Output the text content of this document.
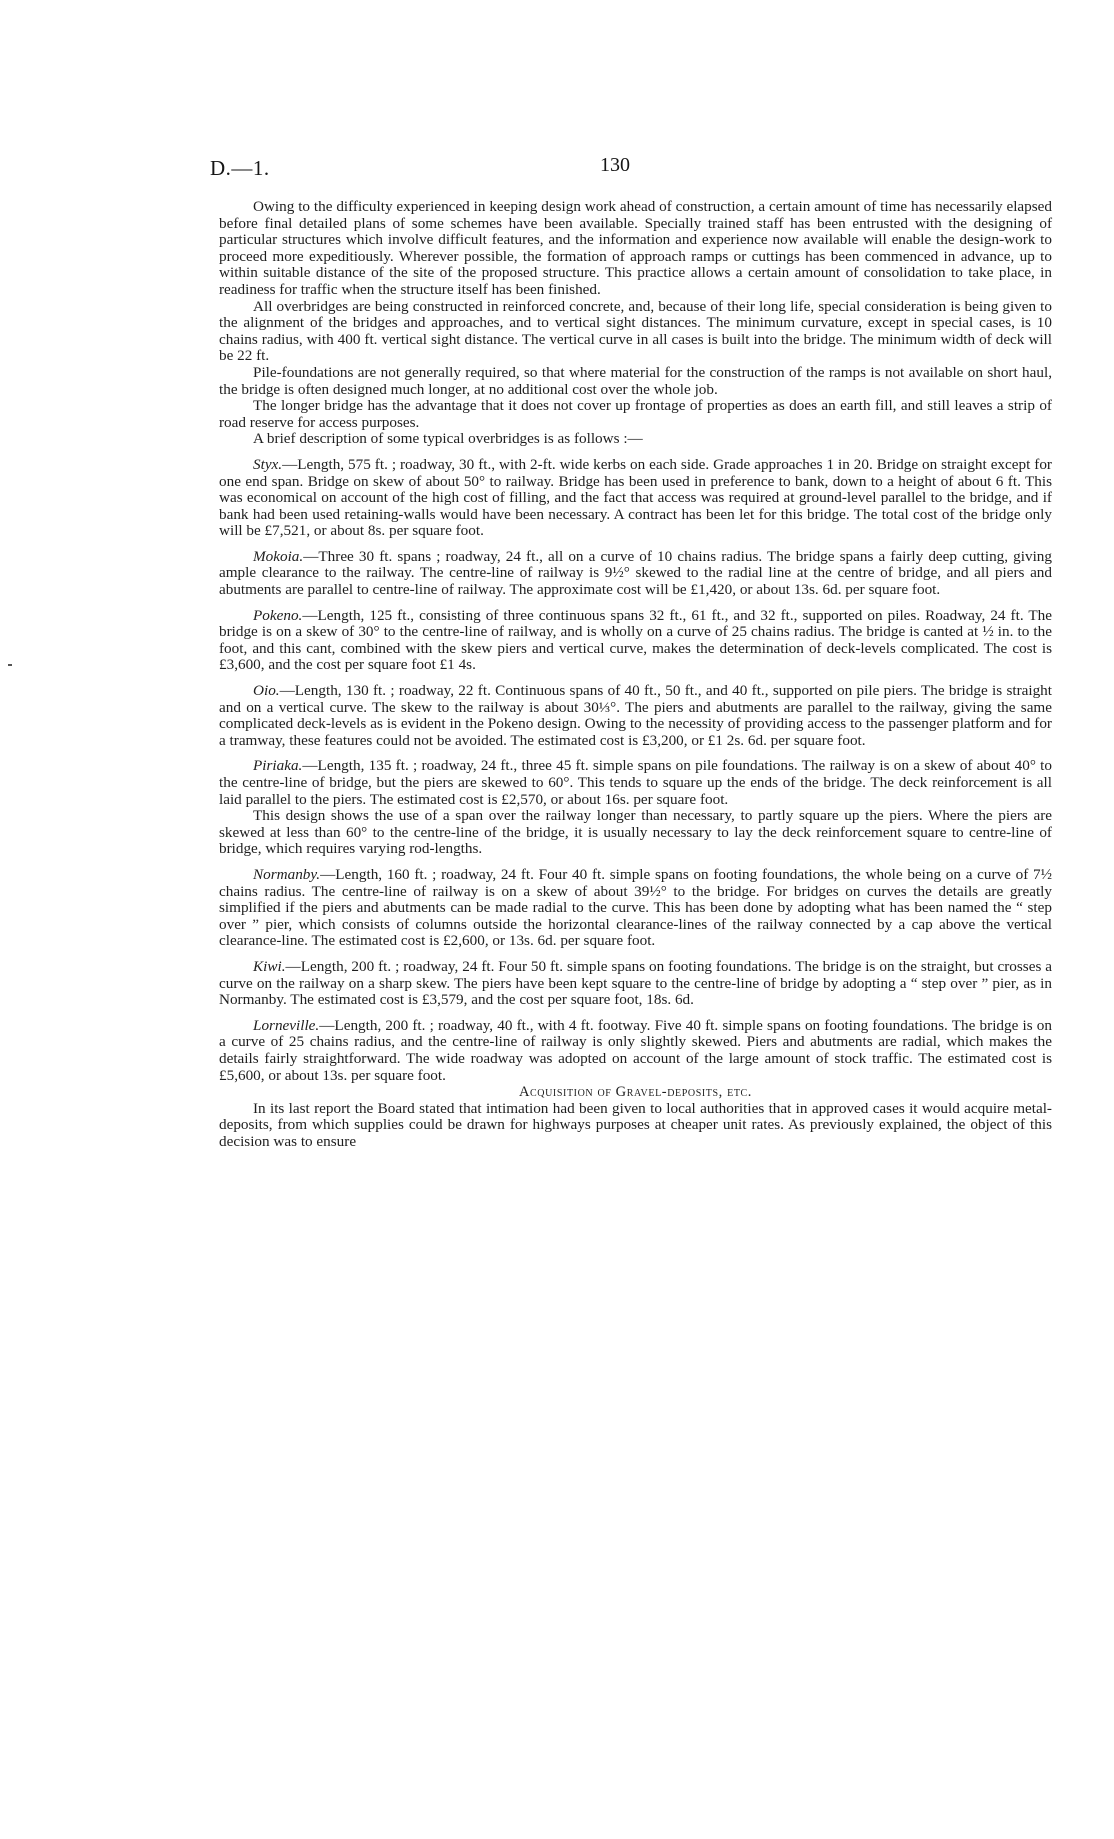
D.—1.	130

Owing to the difficulty experienced in keeping design work ahead of construction, a certain amount of time has necessarily elapsed before final detailed plans of some schemes have been available. Specially trained staff has been entrusted with the designing of particular structures which involve difficult features, and the information and experience now available will enable the design-work to proceed more expeditiously. Wherever possible, the formation of approach ramps or cuttings has been commenced in advance, up to within suitable distance of the site of the proposed structure. This practice allows a certain amount of consolidation to take place, in readiness for traffic when the structure itself has been finished.

All overbridges are being constructed in reinforced concrete, and, because of their long life, special consideration is being given to the alignment of the bridges and approaches, and to vertical sight distances. The minimum curvature, except in special cases, is 10 chains radius, with 400 ft. vertical sight distance. The vertical curve in all cases is built into the bridge. The minimum width of deck will be 22 ft.

Pile-foundations are not generally required, so that where material for the construction of the ramps is not available on short haul, the bridge is often designed much longer, at no additional cost over the whole job.

The longer bridge has the advantage that it does not cover up frontage of properties as does an earth fill, and still leaves a strip of road reserve for access purposes.

A brief description of some typical overbridges is as follows :—

Styx.—Length, 575 ft. ; roadway, 30 ft., with 2-ft. wide kerbs on each side. Grade approaches 1 in 20. Bridge on straight except for one end span. Bridge on skew of about 50° to railway. Bridge has been used in preference to bank, down to a height of about 6 ft. This was economical on account of the high cost of filling, and the fact that access was required at ground-level parallel to the bridge, and if bank had been used retaining-walls would have been necessary. A contract has been let for this bridge. The total cost of the bridge only will be £7,521, or about 8s. per square foot.

Mokoia.—Three 30 ft. spans ; roadway, 24 ft., all on a curve of 10 chains radius. The bridge spans a fairly deep cutting, giving ample clearance to the railway. The centre-line of railway is 9½° skewed to the radial line at the centre of bridge, and all piers and abutments are parallel to centre-line of railway. The approximate cost will be £1,420, or about 13s. 6d. per square foot.

Pokeno.—Length, 125 ft., consisting of three continuous spans 32 ft., 61 ft., and 32 ft., supported on piles. Roadway, 24 ft. The bridge is on a skew of 30° to the centre-line of railway, and is wholly on a curve of 25 chains radius. The bridge is canted at ½ in. to the foot, and this cant, combined with the skew piers and vertical curve, makes the determination of deck-levels complicated. The cost is £3,600, and the cost per square foot £1 4s.

Oio.—Length, 130 ft. ; roadway, 22 ft. Continuous spans of 40 ft., 50 ft., and 40 ft., supported on pile piers. The bridge is straight and on a vertical curve. The skew to the railway is about 30⅓°. The piers and abutments are parallel to the railway, giving the same complicated deck-levels as is evident in the Pokeno design. Owing to the necessity of providing access to the passenger platform and for a tramway, these features could not be avoided. The estimated cost is £3,200, or £1 2s. 6d. per square foot.

Piriaka.—Length, 135 ft. ; roadway, 24 ft., three 45 ft. simple spans on pile foundations. The railway is on a skew of about 40° to the centre-line of bridge, but the piers are skewed to 60°. This tends to square up the ends of the bridge. The deck reinforcement is all laid parallel to the piers. The estimated cost is £2,570, or about 16s. per square foot.

This design shows the use of a span over the railway longer than necessary, to partly square up the piers. Where the piers are skewed at less than 60° to the centre-line of the bridge, it is usually necessary to lay the deck reinforcement square to centre-line of bridge, which requires varying rod-lengths.

Normanby.—Length, 160 ft. ; roadway, 24 ft. Four 40 ft. simple spans on footing foundations, the whole being on a curve of 7½ chains radius. The centre-line of railway is on a skew of about 39½° to the bridge. For bridges on curves the details are greatly simplified if the piers and abutments can be made radial to the curve. This has been done by adopting what has been named the “ step over ” pier, which consists of columns outside the horizontal clearance-lines of the railway connected by a cap above the vertical clearance-line. The estimated cost is £2,600, or 13s. 6d. per square foot.

Kiwi.—Length, 200 ft. ; roadway, 24 ft. Four 50 ft. simple spans on footing foundations. The bridge is on the straight, but crosses a curve on the railway on a sharp skew. The piers have been kept square to the centre-line of bridge by adopting a “ step over ” pier, as in Normanby. The estimated cost is £3,579, and the cost per square foot, 18s. 6d.

Lorneville.—Length, 200 ft. ; roadway, 40 ft., with 4 ft. footway. Five 40 ft. simple spans on footing foundations. The bridge is on a curve of 25 chains radius, and the centre-line of railway is only slightly skewed. Piers and abutments are radial, which makes the details fairly straightforward. The wide roadway was adopted on account of the large amount of stock traffic. The estimated cost is £5,600, or about 13s. per square foot.

Acquisition of Gravel-deposits, etc.

In its last report the Board stated that intimation had been given to local authorities that in approved cases it would acquire metal-deposits, from which supplies could be drawn for highways purposes at cheaper unit rates. As previously explained, the object of this decision was to ensure
